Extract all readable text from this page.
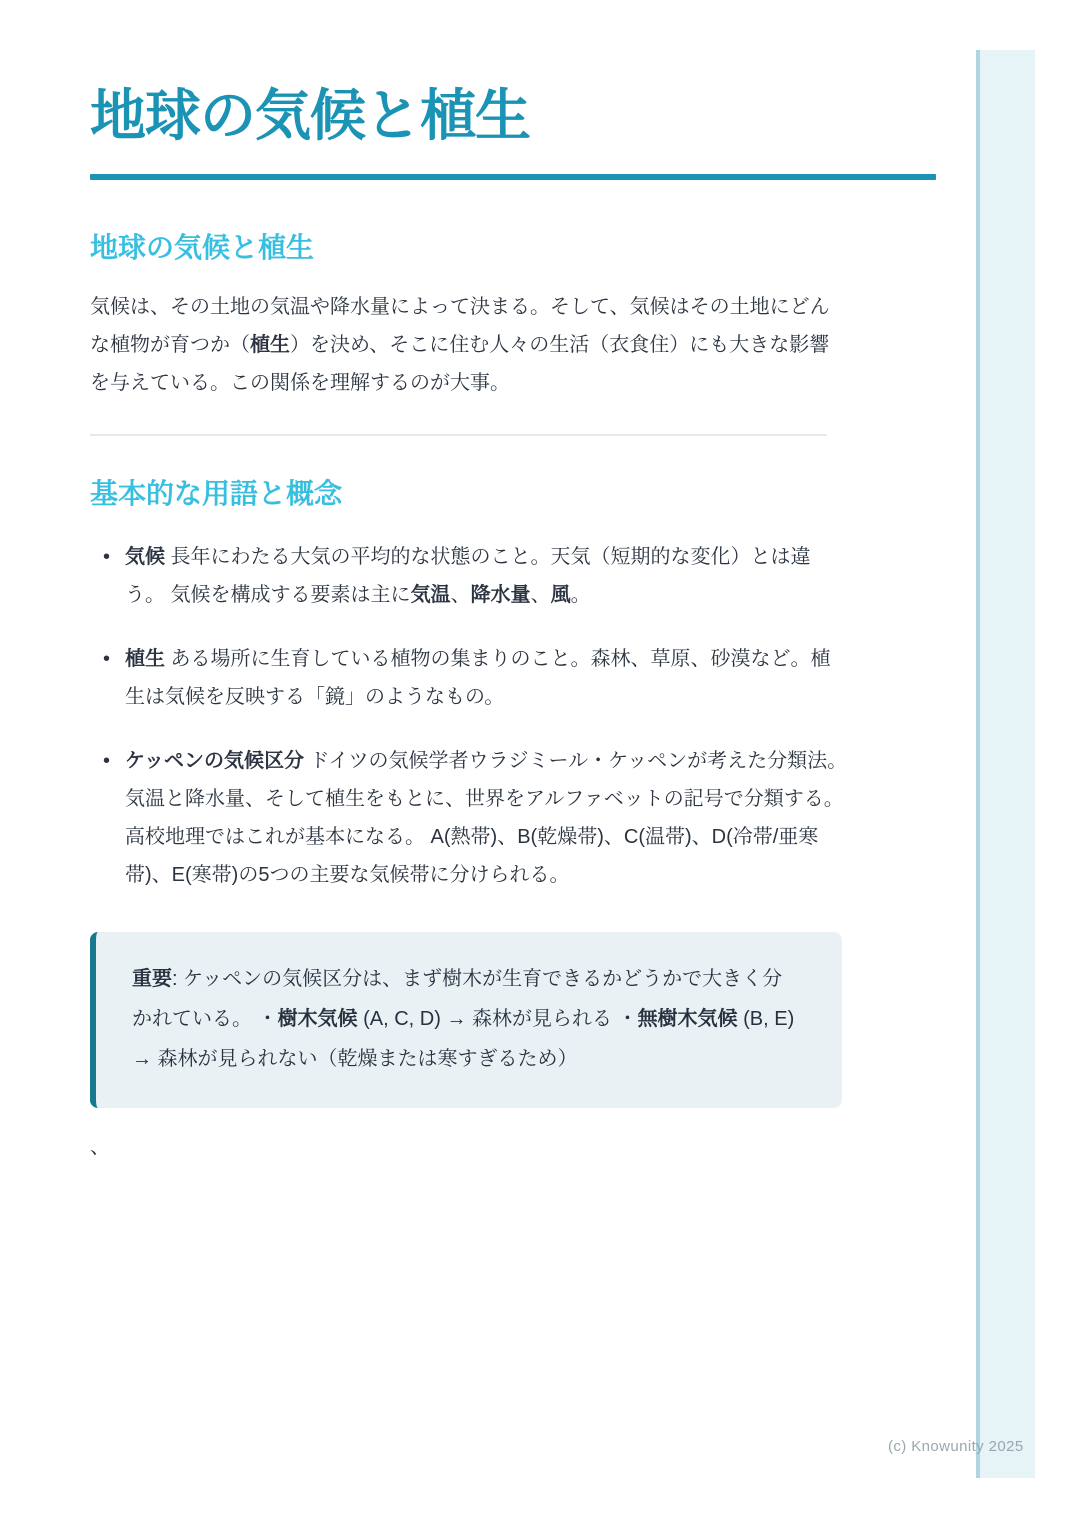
地球の気候と植生
地球の気候と植生

気候は、その土地の気温や降水量によって決まる。そして、気候はその土地にどんな植物が育つか（植生）を決め、そこに住む人々の生活（衣食住）にも大きな影響を与えている。この関係を理解するのが大事。

基本的な用語と概念
• 気候 長年にわたる大気の平均的な状態のこと。天気（短期的な変化）とは違う。 気候を構成する要素は主に気温、降水量、風。
• 植生 ある場所に生育している植物の集まりのこと。森林、草原、砂漠など。植生は気候を反映する「鏡」のようなもの。
• ケッペンの気候区分 ドイツの気候学者ウラジミール・ケッペンが考えた分類法。気温と降水量、そして植生をもとに、世界をアルファベットの記号で分類する。高校地理ではこれが基本になる。 A(熱帯)、B(乾燥帯)、C(温帯)、D(冷帯/亜寒帯)、E(寒帯)の5つの主要な気候帯に分けられる。

重要: ケッペンの気候区分は、まず樹木が生育できるかどうかで大きく分かれている。 ・樹木気候 (A, C, D) → 森林が見られる ・無樹木気候 (B, E) → 森林が見られない（乾燥または寒すぎるため）

、
(c) Knowunity 2025
